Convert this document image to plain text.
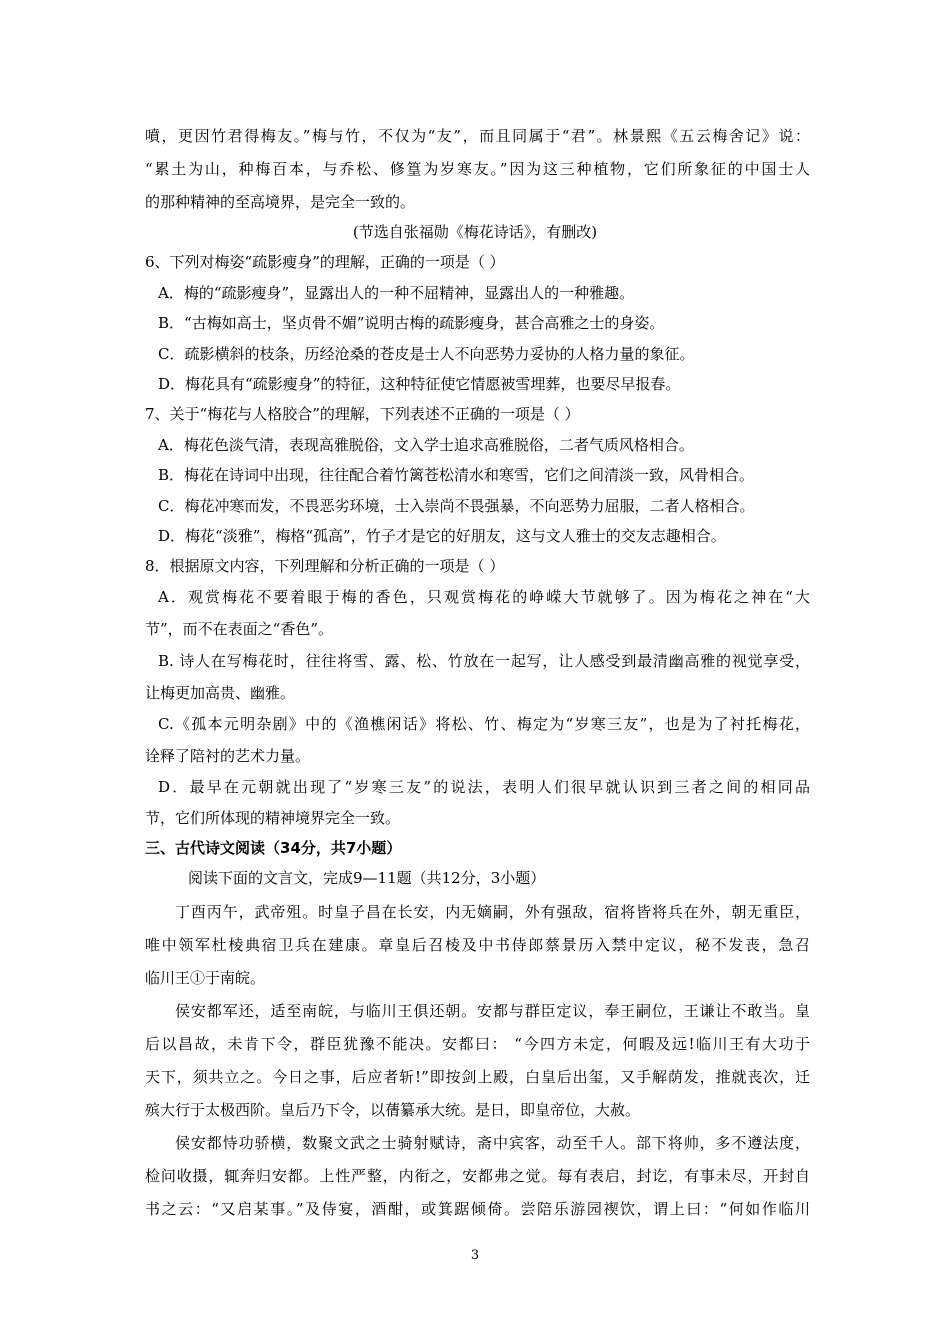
噴，更因竹君得梅友。”梅与竹，不仅为“友”，而且同属于“君”。林景熙《五云梅舍记》说：
“累土为山，种梅百本，与乔松、修篁为岁寒友。”因为这三种植物，它们所象征的中国士人
的那种精神的至高境界，是完全一致的。
(节选自张福勋《梅花诗话》，有删改)
6、下列对梅姿“疏影瘦身”的理解，正确的一项是（ ）
A．梅的“疏影瘦身”，显露出人的一种不屈精神，显露出人的一种雅趣。
B．“古梅如高士，坚贞骨不媚”说明古梅的疏影瘦身，甚合高雅之士的身姿。
C．疏影横斜的枝条，历经沧桑的苍皮是士人不向恶势力妥协的人格力量的象征。
D．梅花具有“疏影瘦身”的特征，这种特征使它情愿被雪埋葬，也要尽早报春。
7、关于“梅花与人格胶合”的理解，下列表述不正确的一项是（ ）
A．梅花色淡气清，表现高雅脱俗，文入学士追求高雅脱俗，二者气质风格相合。
B．梅花在诗词中出现，往往配合着竹篱苍松清水和寒雪，它们之间清淡一致，风骨相合。
C．梅花冲寒而发，不畏恶劣环境，士入崇尚不畏强暴，不向恶势力屈服，二者人格相合。
D．梅花“淡雅”，梅格“孤高”，竹子才是它的好朋友，这与文人雅士的交友志趣相合。
8．根据原文内容，下列理解和分析正确的一项是（ ）
A．观赏梅花不要着眼于梅的香色，只观赏梅花的峥嵘大节就够了。因为梅花之神在“大
节”，而不在表面之“香色”。
B. 诗人在写梅花时，往往将雪、露、松、竹放在一起写，让人感受到最清幽高雅的视觉享受，
让梅更加高贵、幽雅。
C.《孤本元明杂剧》中的《渔樵闲话》将松、竹、梅定为“岁寒三友”，也是为了衬托梅花，
诠释了陪衬的艺术力量。
D．最早在元朝就出现了“岁寒三友”的说法，表明人们很早就认识到三者之间的相同品
节，它们所体现的精神境界完全一致。
三、古代诗文阅读（34分，共7小题）
阅读下面的文言文，完成9—11题（共12分，3小题）
丁酉丙午，武帝殂。时皇子昌在长安，内无嫡嗣，外有强敌，宿将皆将兵在外，朝无重臣，
唯中领军杜棱典宿卫兵在建康。章皇后召棱及中书侍郎蔡景历入禁中定议，秘不发丧，急召
临川王①于南皖。
侯安都军还，适至南皖，与临川王俱还朝。安都与群臣定议，奉王嗣位，王谦让不敢当。皇
后以昌故，未肯下令，群臣犹豫不能决。安都曰： “今四方未定，何暇及远!临川王有大功于
天下，须共立之。今日之事，后应者斩!”即按剑上殿，白皇后出玺，又手解荫发，推就丧次，迁
殡大行于太极西阶。皇后乃下令，以蒨纂承大统。是日，即皇帝位，大赦。
侯安都恃功骄横，数聚文武之士骑射赋诗，斋中宾客，动至千人。部下将帅，多不遵法度，
检问收摄，辄奔归安都。上性严整，内衔之，安都弗之觉。每有表启，封讫，有事未尽，开封自
书之云：“又启某事。”及侍宴，酒酣，或箕踞倾倚。尝陪乐游园禊饮，谓上曰：“何如作临川
3
